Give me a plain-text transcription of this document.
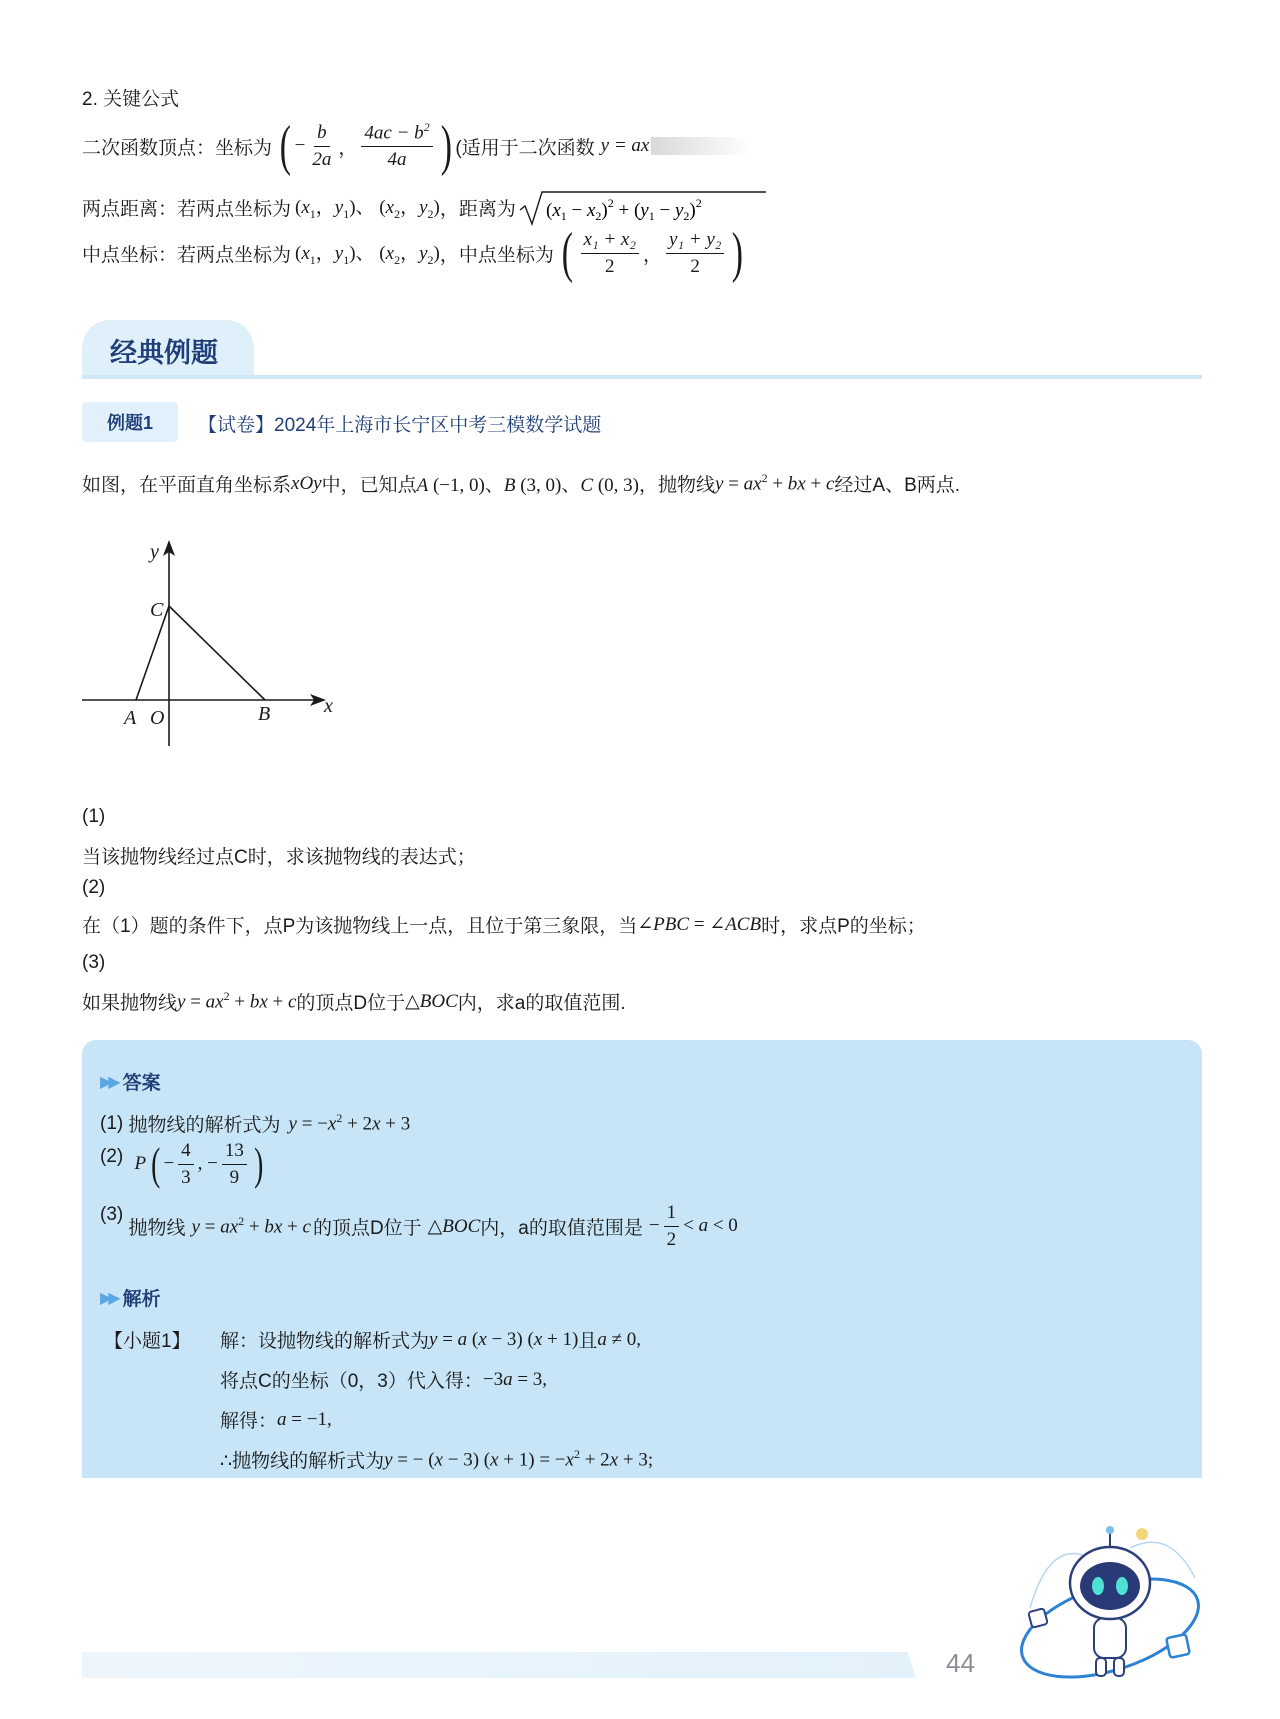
2. 关键公式
二次函数顶点：坐标为 ( − $\frac{b}{2a}$ ， $\frac{4ac - b^2}{4a}$ ) (适用于二次函数 y = ax
两点距离：若两点坐标为 ($x_1$，$y_1$)、 ($x_2$，$y_2$) ，距离为 $(x_1 - x_2)^2 + (y_1 - y_2)^2$
中点坐标：若两点坐标为 ($x_1$，$y_1$)、 ($x_2$，$y_2$) ，中点坐标为 ( $\frac{\text{x₁ + x₂}}{2}$ ， $\frac{\text{y₁ + y₂}}{2}$ )
经典例题
例题1	【试卷】2024年上海市长宁区中考三模数学试题
如图，在平面直角坐标系 xOy 中，已知点 A (−1, 0)、B (3, 0)、C (0, 3) ，抛物线 $y = ax^2$ + bx + c 经过A、B两点.
y
C
A O	B	x
(1)
当该抛物线经过点C时，求该抛物线的表达式；
(2)
在（1）题的条件下，点P为该抛物线上一点，且位于第三象限，当 ∠PBC = ∠ACB 时，求点P的坐标；
(3)
如果抛物线 $y = ax^2$ + bx + c 的顶点D位于 △BOC 内，求a的取值范围.
▶▶ 答案
(1)
抛物线的解析式为 $y = -x^2 + 2x + 3$
(2)
P ( − $\frac{4}{3}$ , − $\frac{13}{9}$ )
(3)

抛物线 $y = ax^2$ + bx + c 的顶点D位于 △BOC 内，a的取值范围是 − $\frac{1}{2} < a < 0$
▶▶ 解析
【小题1】 解：设抛物线的解析式为 y = a (x − 3) (x + 1) 且 a ≠ 0,
将点C的坐标（0，3）代入得： −3a = 3,
解得： a = −1,
∴抛物线的解析式为 y = − (x − 3) $(x + 1) = -x^2 + 2x + 3$;
44
